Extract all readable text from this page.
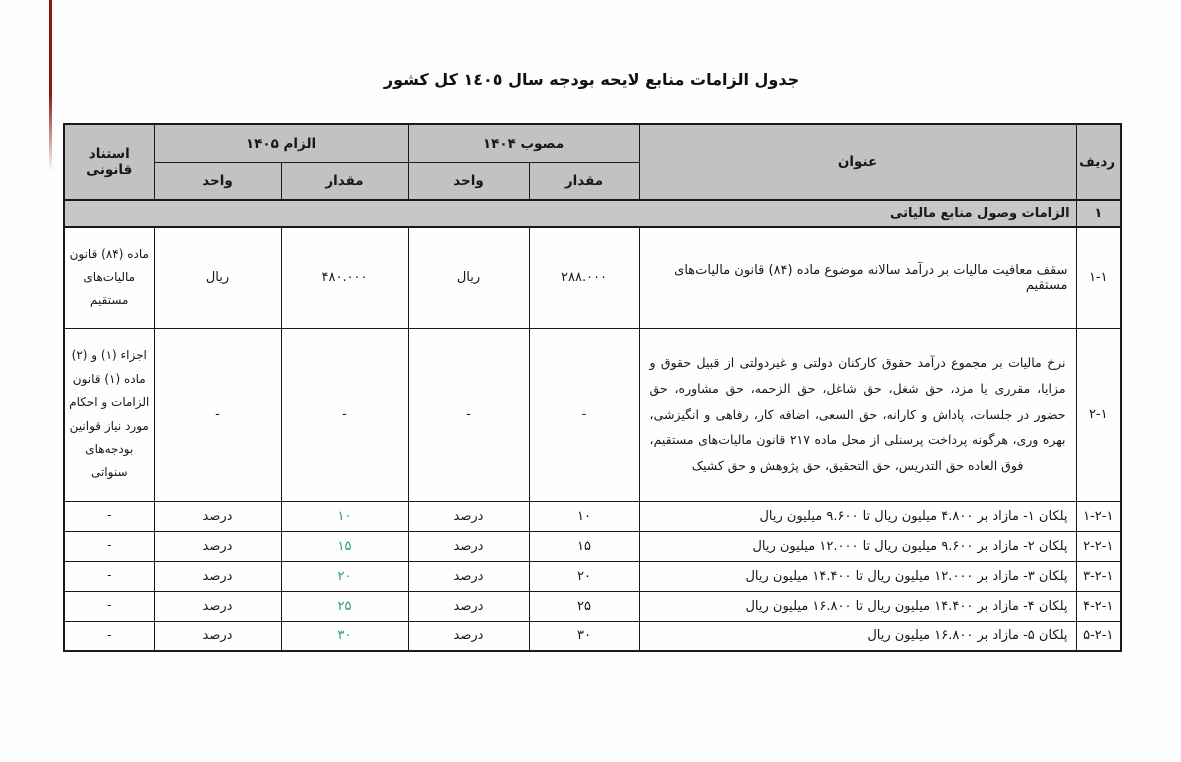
جدول الزامات منابع لایحه بودجه سال ١٤٠٥ کل کشور
ردیف	عنوان	مصوب ۱۴۰۴		الزام ۱۴۰۵		استناد قانونی
		مقدار	واحد	مقدار	واحد	
۱	الزامات وصول منابع مالیاتی					
۱-۱	سقف معافیت مالیات بر درآمد سالانه موضوع ماده (۸۴) قانون مالیات‌های مستقیم	۲۸۸.۰۰۰	ریال	۴۸۰.۰۰۰	ریال	ماده (۸۴) قانون مالیات‌های مستقیم
۱-۲	نرخ مالیات بر مجموع درآمد حقوق کارکنان دولتی و غیردولتی از قبیل حقوق و مزایا، مقرری یا مزد، حق شغل، حق شاغل، حق الزحمه، حق مشاوره، حق حضور در جلسات، پاداش و کارانه، حق السعی، اضافه کار، رفاهی و انگیزشی، بهره وری، هرگونه پرداخت پرسنلی از محل ماده ۲۱۷ قانون مالیات‌های مستقیم، فوق العاده حق التدریس، حق التحقیق، حق پژوهش و حق کشیک	-	-	-	-	اجزاء (۱) و (۲) ماده (۱) قانون الزامات و احکام مورد نیاز قوانین بودجه‌های سنواتی
۱-۲-۱	پلکان ۱- مازاد بر ۴.۸۰۰ میلیون ریال تا ۹.۶۰۰ میلیون ریال	۱۰	درصد	۱۰	درصد	-
۱-۲-۲	پلکان ۲- مازاد بر ۹.۶۰۰ میلیون ریال تا ۱۲.۰۰۰ میلیون ریال	۱۵	درصد	۱۵	درصد	-
۱-۲-۳	پلکان ۳- مازاد بر ۱۲.۰۰۰ میلیون ریال تا ۱۴.۴۰۰ میلیون ریال	۲۰	درصد	۲۰	درصد	-
۱-۲-۴	پلکان ۴- مازاد بر ۱۴.۴۰۰ میلیون ریال تا ۱۶.۸۰۰ میلیون ریال	۲۵	درصد	۲۵	درصد	-
۱-۲-۵	پلکان ۵- مازاد بر ۱۶.۸۰۰ میلیون ریال	۳۰	درصد	۳۰	درصد	-
